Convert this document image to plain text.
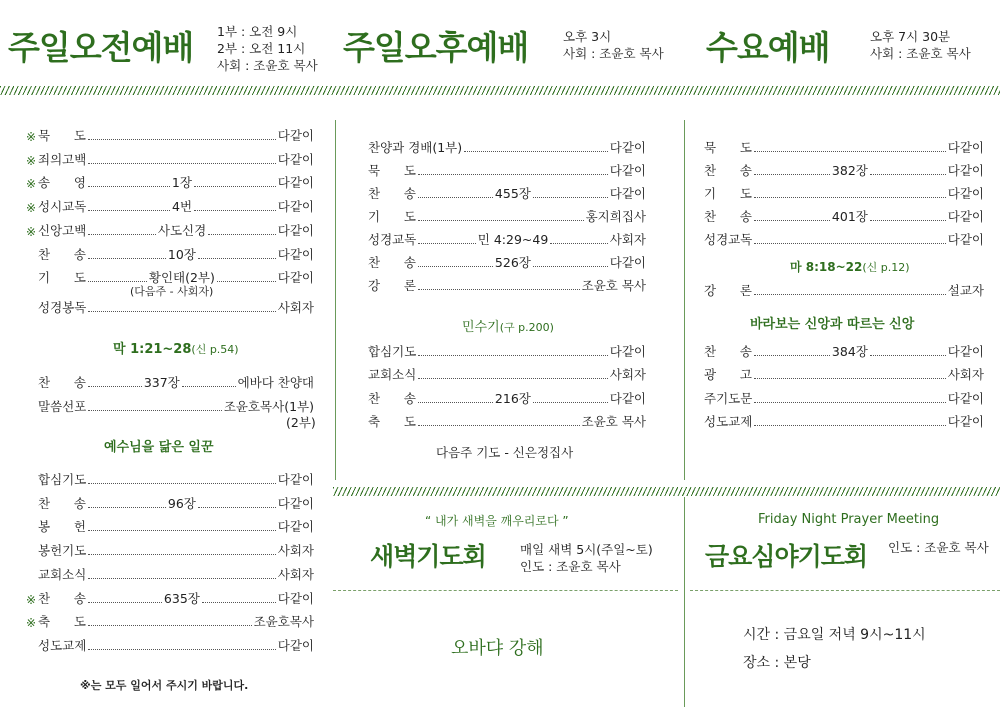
주일오전예배 1부 : 오전 9시
2부 : 오전 11시
사회 : 조윤호 목사 주일오후예배	오후 3시
사회 : 조윤호 목사 수요예배	오후 7시 30분
사회 : 조윤호 목사
※ 묵 도	다같이
※ 죄의고백	다같이
※ 송 영	1장	다같이
※ 성시교독	4번	다같이
※ 신앙고백	사도신경	다같이
찬 송	10장	다같이
기 도	황인태(2부)	다같이
성경봉독	사회자
(다음주 - 사회자)
막 1:21~28(신 p.54)
찬 송	337장	에바다 찬양대
말씀선포	조윤호목사(1부)
(2부)
예수님을 닮은 일꾼
합심기도	다같이
찬 송	96장	다같이
봉 헌	다같이
봉헌기도	사회자
교회소식	사회자
※ 찬 송	635장	다같이
※ 축 도	조윤호목사
성도교제	다같이
※는 모두 일어서 주시기 바랍니다.
찬양과 경배(1부)	다같이
묵 도	다같이
찬 송	455장	다같이
기 도	홍지희집사
성경교독	민 4:29~49	사회자
찬 송	526장	다같이
강 론	조윤호 목사
민수기(구 p.200)
합심기도	다같이
교회소식	사회자
찬 송	216장	다같이
축 도	조윤호 목사
다음주 기도 - 신은정집사
묵 도	다같이
찬 송	382장	다같이
기 도	다같이
찬 송	401장	다같이
성경교독	다같이
마 8:18~22(신 p.12)
강 론	설교자
바라보는 신앙과 따르는 신앙
찬 송	384장	다같이
광 고	사회자
주기도문	다같이
성도교제	다같이
“ 내가 새벽을 깨우리로다 ”
새벽기도회	매일 새벽 5시(주일~토)
인도 : 조윤호 목사
오바댜 강해
Friday Night Prayer Meeting
금요심야기도회 인도 : 조윤호 목사
시간 : 금요일 저녁 9시~11시
장소 : 본당
